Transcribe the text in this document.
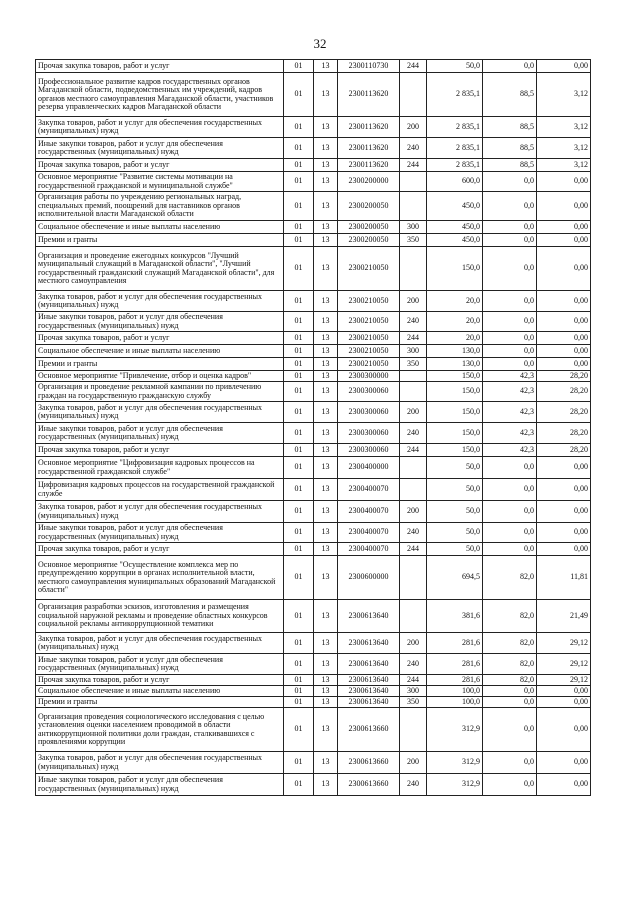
32
Прочая закупка товаров, работ и услуг	01	13	2300110730	244	50,0	0,0	0,00
Профессиональное развитие кадров государственных органов Магаданской области, подведомственных им учреждений, кадров органов местного самоуправления Магаданской области, участников резерва управленческих кадров Магаданской области	01	13	2300113620		2 835,1	88,5	3,12
Закупка товаров, работ и услуг для обеспечения государственных (муниципальных) нужд	01	13	2300113620	200	2 835,1	88,5	3,12
Иные закупки товаров, работ и услуг для обеспечения государственных (муниципальных) нужд	01	13	2300113620	240	2 835,1	88,5	3,12
Прочая закупка товаров, работ и услуг	01	13	2300113620	244	2 835,1	88,5	3,12
Основное мероприятие "Развитие системы мотивации на государственной гражданской и муниципальной службе"	01	13	2300200000		600,0	0,0	0,00
Организация работы по учреждению региональных наград, специальных премий, поощрений для наставников органов исполнительной власти Магаданской области	01	13	2300200050		450,0	0,0	0,00
Социальное обеспечение и иные выплаты населению	01	13	2300200050	300	450,0	0,0	0,00
Премии и гранты	01	13	2300200050	350	450,0	0,0	0,00
Организация и проведение ежегодных конкурсов "Лучший муниципальный служащий в Магаданской области", "Лучший государственный гражданский служащий Магаданской области", для местного самоуправления	01	13	2300210050		150,0	0,0	0,00
Закупка товаров, работ и услуг для обеспечения государственных (муниципальных) нужд	01	13	2300210050	200	20,0	0,0	0,00
Иные закупки товаров, работ и услуг для обеспечения государственных (муниципальных) нужд	01	13	2300210050	240	20,0	0,0	0,00
Прочая закупка товаров, работ и услуг	01	13	2300210050	244	20,0	0,0	0,00
Социальное обеспечение и иные выплаты населению	01	13	2300210050	300	130,0	0,0	0,00
Премии и гранты	01	13	2300210050	350	130,0	0,0	0,00
Основное мероприятие "Привлечение, отбор и оценка кадров"	01	13	2300300000		150,0	42,3	28,20
Организация и проведение рекламной кампании по привлечению граждан на государственную гражданскую службу	01	13	2300300060		150,0	42,3	28,20
Закупка товаров, работ и услуг для обеспечения государственных (муниципальных) нужд	01	13	2300300060	200	150,0	42,3	28,20
Иные закупки товаров, работ и услуг для обеспечения государственных (муниципальных) нужд	01	13	2300300060	240	150,0	42,3	28,20
Прочая закупка товаров, работ и услуг	01	13	2300300060	244	150,0	42,3	28,20
Основное мероприятие "Цифровизация кадровых процессов на государственной гражданской службе"	01	13	2300400000		50,0	0,0	0,00
Цифровизация кадровых процессов на государственной гражданской службе	01	13	2300400070		50,0	0,0	0,00
Закупка товаров, работ и услуг для обеспечения государственных (муниципальных) нужд	01	13	2300400070	200	50,0	0,0	0,00
Иные закупки товаров, работ и услуг для обеспечения государственных (муниципальных) нужд	01	13	2300400070	240	50,0	0,0	0,00
Прочая закупка товаров, работ и услуг	01	13	2300400070	244	50,0	0,0	0,00
Основное мероприятие "Осуществление комплекса мер по предупреждению коррупции в органах исполнительной власти, местного самоуправления муниципальных образований Магаданской области"	01	13	2300600000		694,5	82,0	11,81
Организация разработки эскизов, изготовления и размещения социальной наружной рекламы и проведение областных конкурсов социальной рекламы антикоррупционной тематики	01	13	2300613640		381,6	82,0	21,49
Закупка товаров, работ и услуг для обеспечения государственных (муниципальных) нужд	01	13	2300613640	200	281,6	82,0	29,12
Иные закупки товаров, работ и услуг для обеспечения государственных (муниципальных) нужд	01	13	2300613640	240	281,6	82,0	29,12
Прочая закупка товаров, работ и услуг	01	13	2300613640	244	281,6	82,0	29,12
Социальное обеспечение и иные выплаты населению	01	13	2300613640	300	100,0	0,0	0,00
Премии и гранты	01	13	2300613640	350	100,0	0,0	0,00
Организация проведения социологического исследования с целью установления оценки населением проводимой в области антикоррупционной политики доли граждан, сталкивавшихся с проявлениями коррупции	01	13	2300613660		312,9	0,0	0,00
Закупка товаров, работ и услуг для обеспечения государственных (муниципальных) нужд	01	13	2300613660	200	312,9	0,0	0,00
Иные закупки товаров, работ и услуг для обеспечения государственных (муниципальных) нужд	01	13	2300613660	240	312,9	0,0	0,00
